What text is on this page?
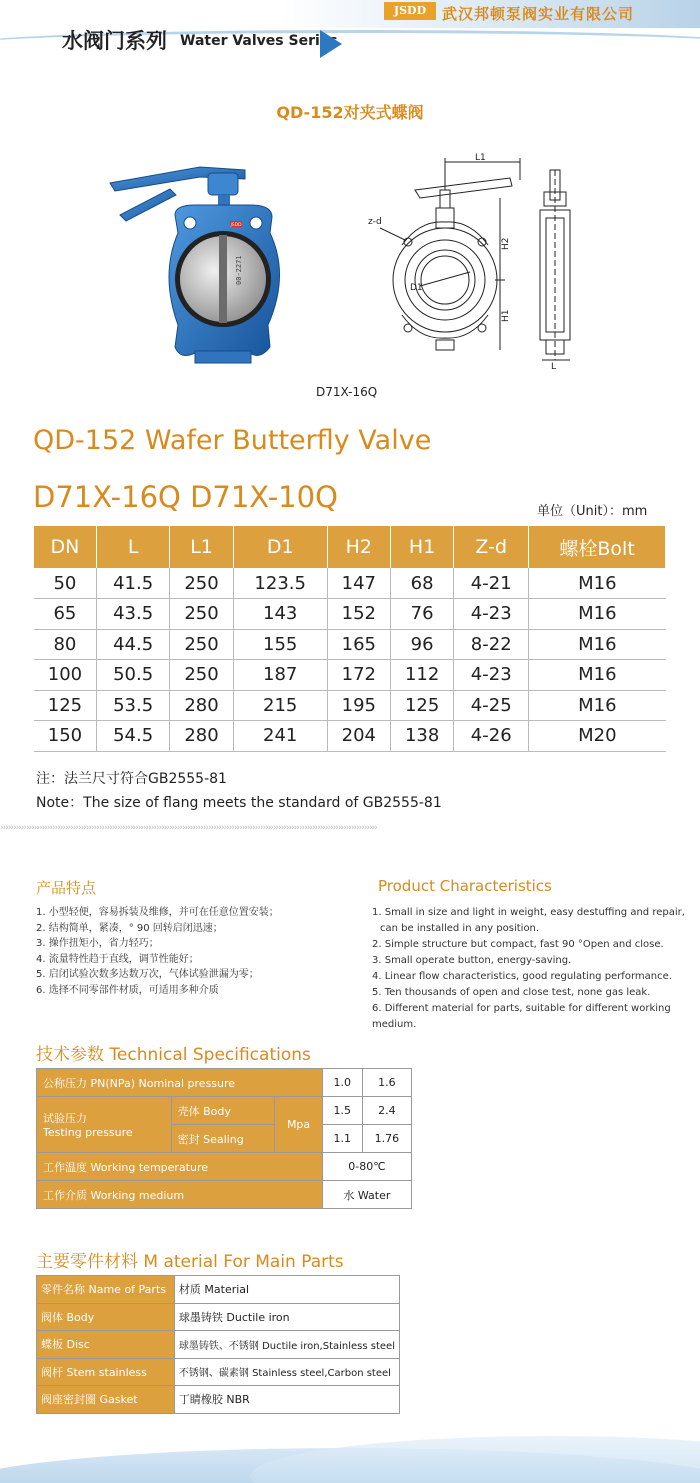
JSDD	武汉邦顿泵阀实业有限公司
水阀门系列 Water Valves Series
QD-152对夹式蝶阀
JSDD
00-2271
L1
H2
H1
z-d
D1
L
D71X-16Q
QD-152 Wafer Butterfly Valve
D71X-16Q D71X-10Q	单位（Unit）：mm
DN	L	L1	D1	H2	H1	Z-d	螺栓Bolt
50	41.5	250	123.5	147	68	4-21	M16
65	43.5	250	143	152	76	4-23	M16
80	44.5	250	155	165	96	8-22	M16
100	50.5	250	187	172	112	4-23	M16
125	53.5	280	215	195	125	4-25	M16
150	54.5	280	241	204	138	4-26	M20
注：法兰尺寸符合GB2555-81
Note：The size of flang meets the standard of GB2555-81
›››››››››››››››››››››››››››››››››››››››››››››››››››››››››››››››››››››››››››››››››››››››››››››››››››››››››››››››››››››››››››››››››››››››››››››››››
产品特点	Product Characteristics
1. 小型轻便，容易拆装及维修，并可在任意位置安装；
2. 结构简单，紧凑，° 90 回转启闭迅速；
3. 操作扭矩小，省力轻巧；
4. 流量特性趋于直线，调节性能好；
5. 启闭试验次数多达数万次，气体试验泄漏为零；
6. 选择不同零部件材质，可适用多种介质
1. Small in size and light in weight, easy destuffing and repair,
can be installed in any position.
2. Simple structure but compact, fast 90 °Open and close.
3. Small operate button, energy-saving.
4. Linear flow characteristics, good regulating performance.
5. Ten thousands of open and close test, none gas leak.
6. Different material for parts, suitable for different working medium.
技术参数 Technical Specifications
公称压力 PN(NPa) Nominal pressure			1.0	1.6

试验压力
Testing pressure	壳体 Body	Mpa	1.5	2.4
	密封 Sealing		1.1	1.76
工作温度 Working temperature			0-80℃	
工作介质 Working medium			水 Water	
主要零件材料 M aterial For Main Parts
零件名称 Name of Parts	材质 Material
阀体 Body	球墨铸铁 Ductile iron
蝶板 Disc	球墨铸铁、不锈钢 Ductile iron,Stainless steel
阀杆 Stem stainless	不锈钢、碳素钢 Stainless steel,Carbon steel
阀座密封圈 Gasket	丁睛橡胶 NBR
